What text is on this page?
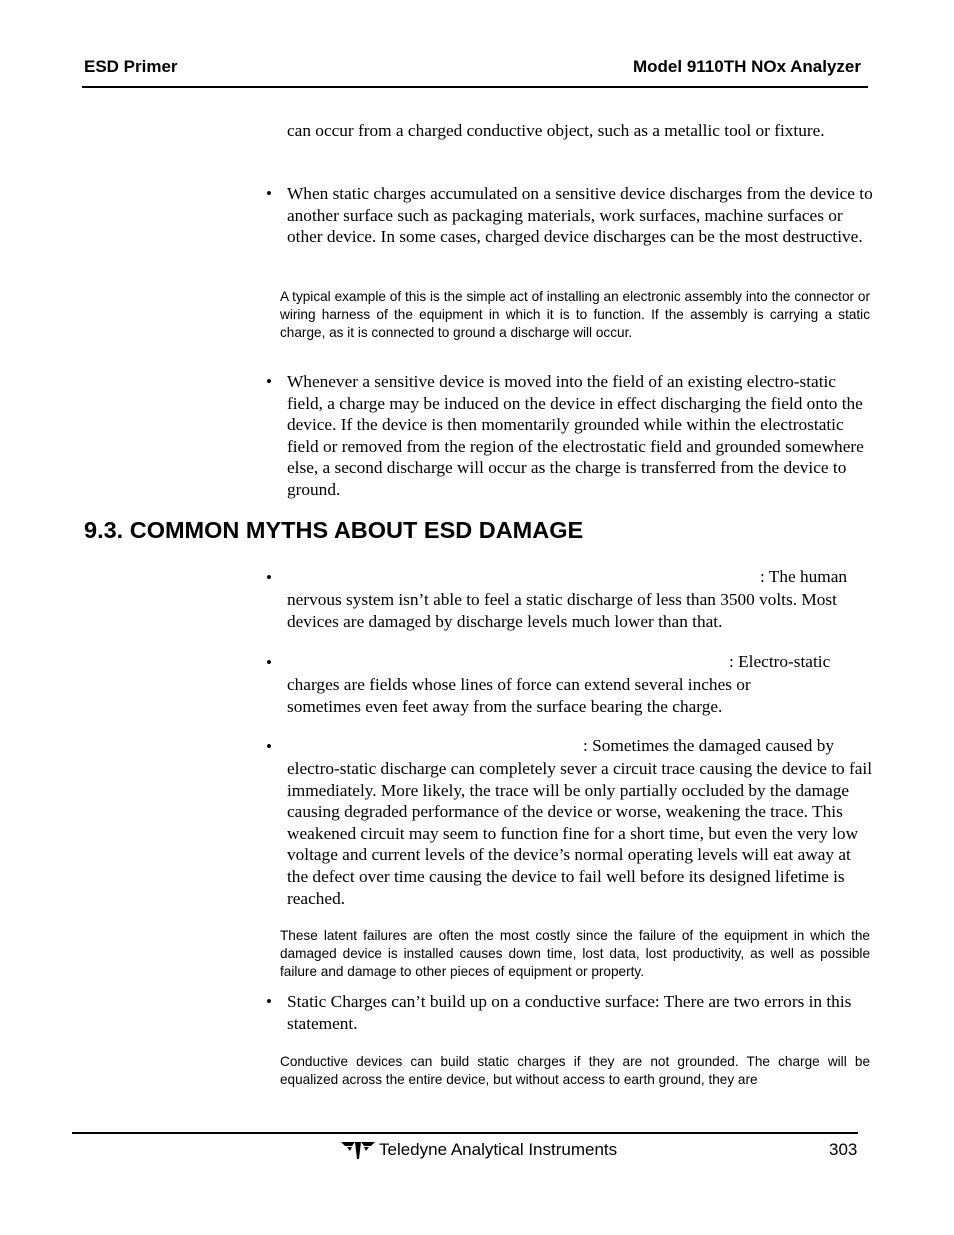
ESD Primer	Model 9110TH NOx Analyzer
can occur from a charged conductive object, such as a metallic tool or fixture.
• When static charges accumulated on a sensitive device discharges from the device to another surface such as packaging materials, work surfaces, machine surfaces or other device. In some cases, charged device discharges can be the most destructive.
A typical example of this is the simple act of installing an electronic assembly into the connector or wiring harness of the equipment in which it is to function. If the assembly is carrying a static charge, as it is connected to ground a discharge will occur.
• Whenever a sensitive device is moved into the field of an existing electro-static field, a charge may be induced on the device in effect discharging the field onto the device. If the device is then momentarily grounded while within the electrostatic field or removed from the region of the electrostatic field and grounded somewhere else, a second discharge will occur as the charge is transferred from the device to ground.
9.3. COMMON MYTHS ABOUT ESD DAMAGE
•	: The human
nervous system isn’t able to feel a static discharge of less than 3500 volts. Most devices are damaged by discharge levels much lower than that.
•	: Electro-static
charges are fields whose lines of force can extend several inches or sometimes even feet away from the surface bearing the charge.
•	: Sometimes the damaged caused by
electro-static discharge can completely sever a circuit trace causing the device to fail immediately. More likely, the trace will be only partially occluded by the damage causing degraded performance of the device or worse, weakening the trace. This weakened circuit may seem to function fine for a short time, but even the very low voltage and current levels of the device’s normal operating levels will eat away at the defect over time causing the device to fail well before its designed lifetime is reached.
These latent failures are often the most costly since the failure of the equipment in which the damaged device is installed causes down time, lost data, lost productivity, as well as possible failure and damage to other pieces of equipment or property.
• Static Charges can’t build up on a conductive surface: There are two errors in this statement.
Conductive devices can build static charges if they are not grounded. The charge will be equalized across the entire device, but without access to earth ground, they are
Teledyne Analytical Instruments	303
